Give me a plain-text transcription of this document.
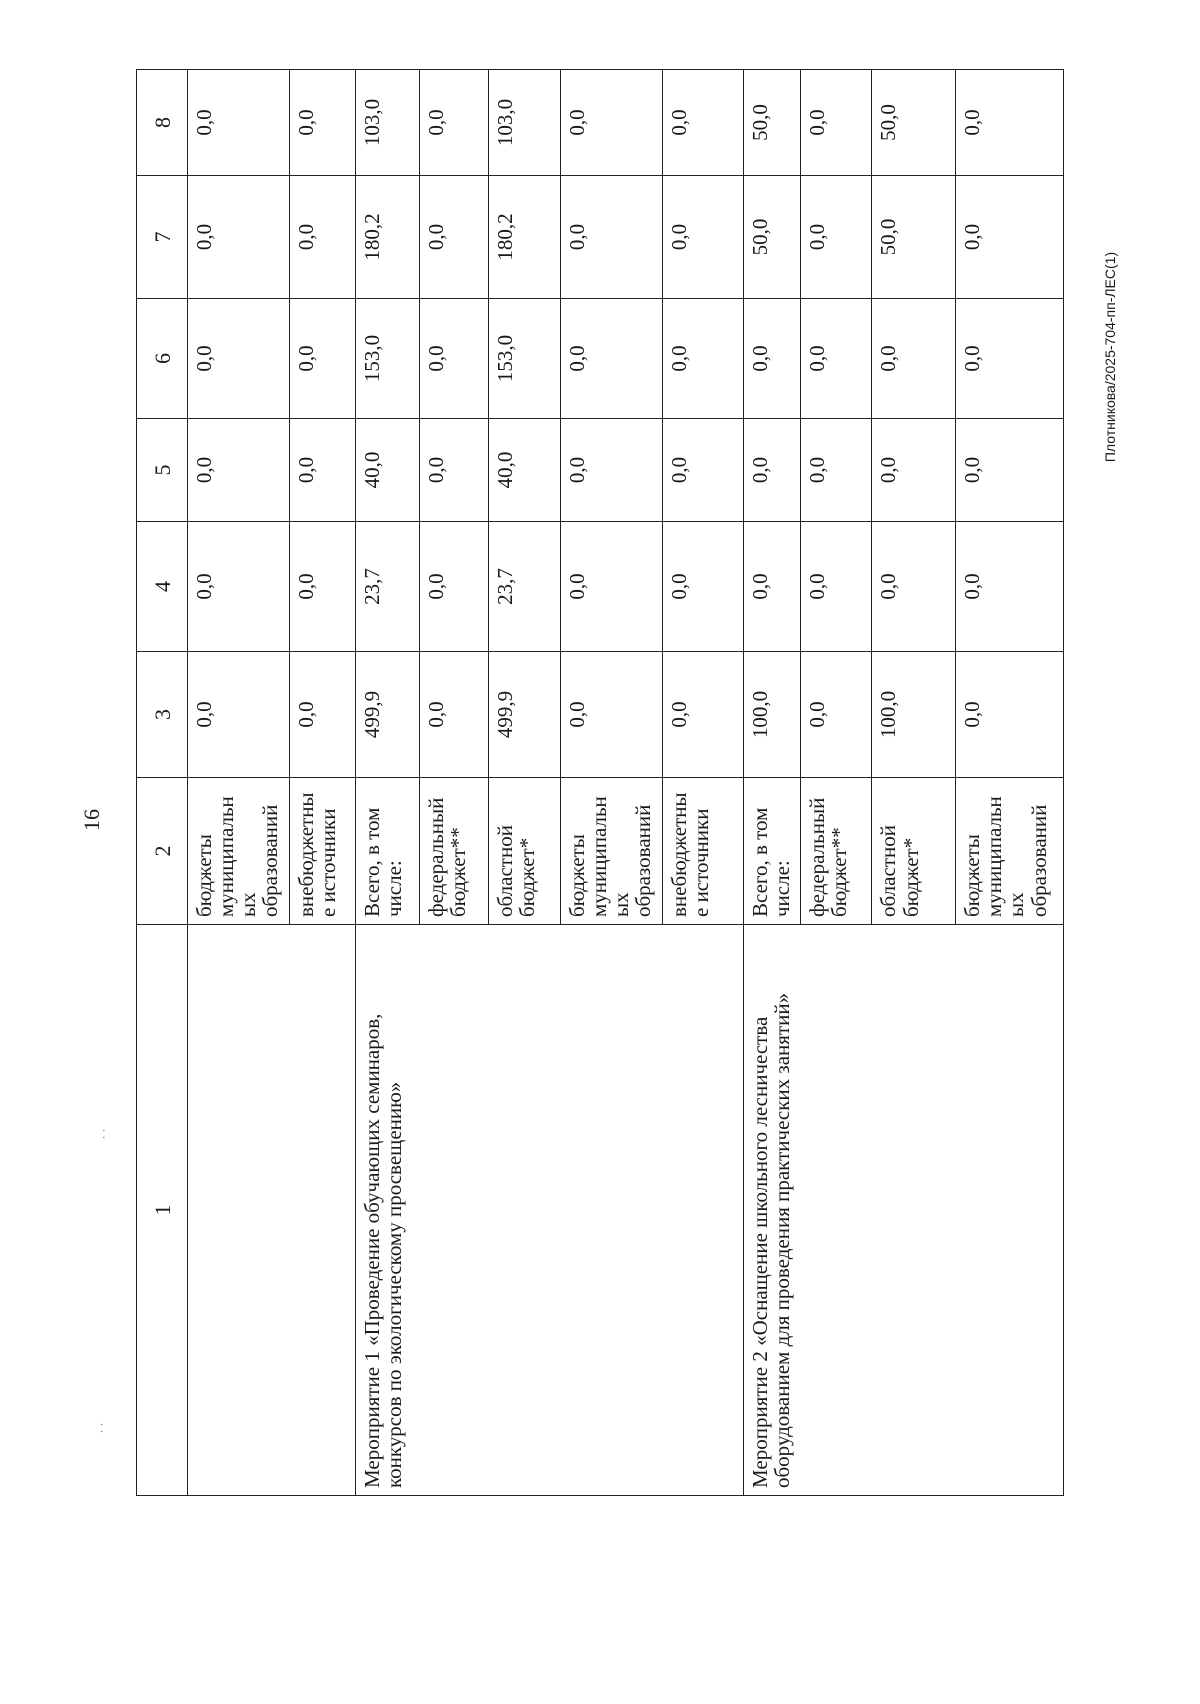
16
· ·
· ·
Плотникова/2025-704-пп-ЛЕС(1)
1	2	3	4	5	6	7	8
	бюджеты муниципальных образований	0,0	0,0	0,0	0,0	0,0	0,0
	внебюджетные источники	0,0	0,0	0,0	0,0	0,0	0,0
Мероприятие 1 «Проведение обучающих семинаров, конкурсов по экологическому просвещению»	Всего, в том числе:	499,9	23,7	40,0	153,0	180,2	103,0
	федеральный бюджет**	0,0	0,0	0,0	0,0	0,0	0,0
	областной бюджет*	499,9	23,7	40,0	153,0	180,2	103,0
	бюджеты муниципальных образований	0,0	0,0	0,0	0,0	0,0	0,0
	внебюджетные источники	0,0	0,0	0,0	0,0	0,0	0,0
Мероприятие 2 «Оснащение школьного лесничества оборудованием для проведения практических занятий»	Всего, в том числе:	100,0	0,0	0,0	0,0	50,0	50,0
	федеральный бюджет**	0,0	0,0	0,0	0,0	0,0	0,0
	областной бюджет*	100,0	0,0	0,0	0,0	50,0	50,0
	бюджеты муниципальных образований	0,0	0,0	0,0	0,0	0,0	0,0
